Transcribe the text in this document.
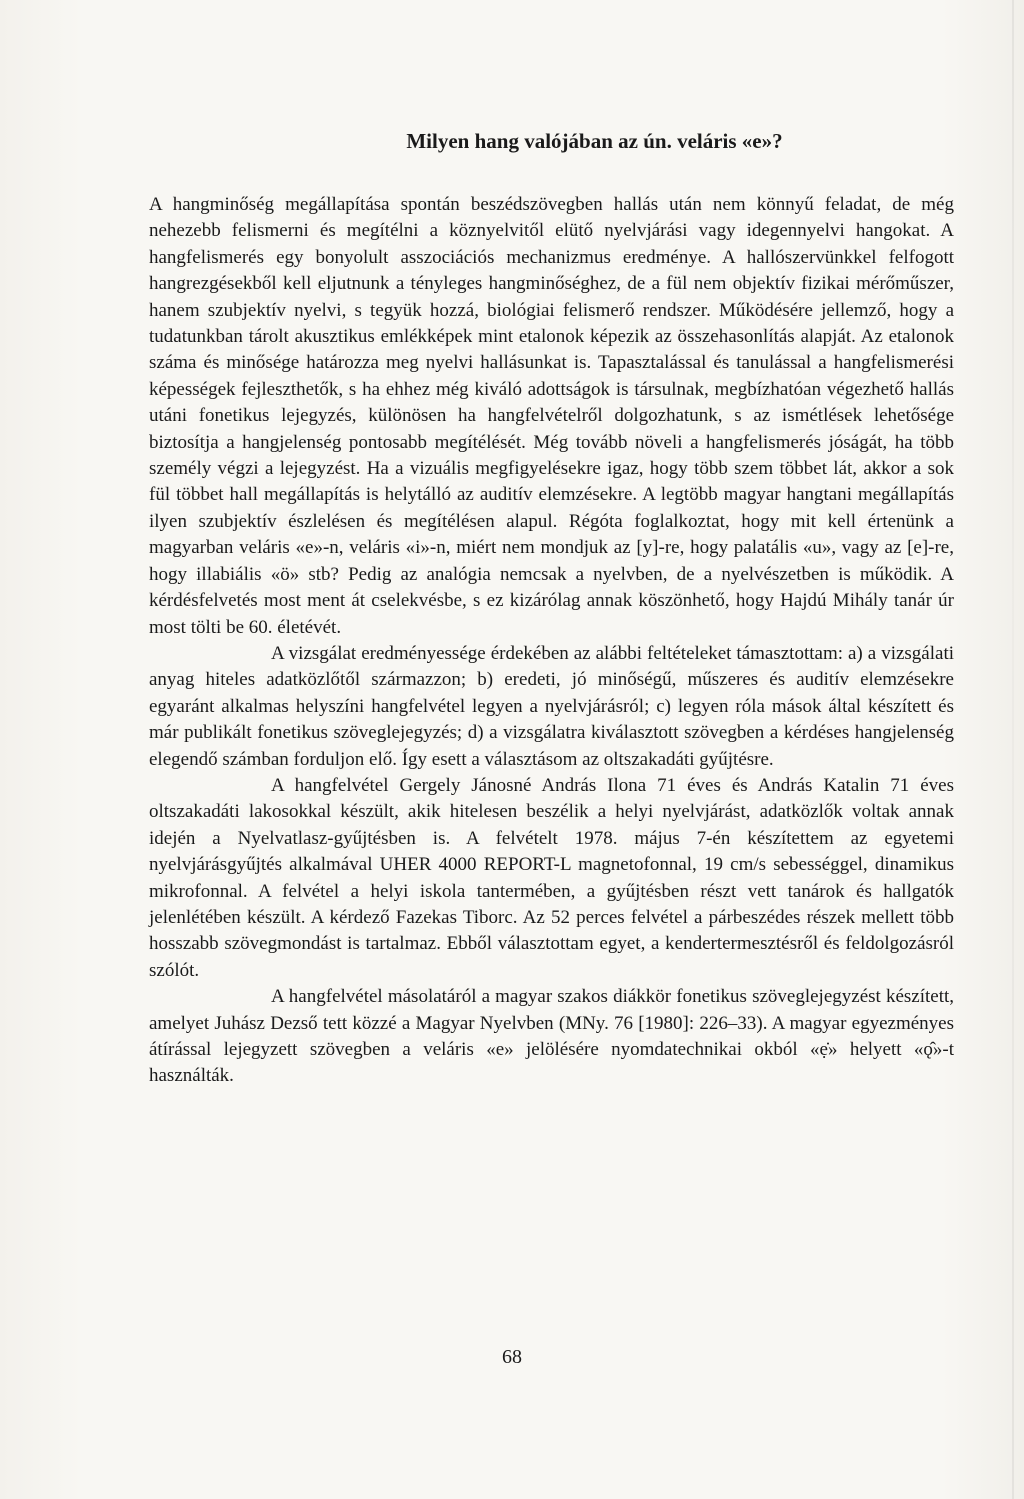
Milyen hang valójában az ún. veláris «e»?

A hangminőség megállapítása spontán beszédszövegben hallás után nem könnyű feladat, de még nehezebb felismerni és megítélni a köznyelvitől elütő nyelvjárási vagy idegennyelvi hangokat. A hangfelismerés egy bonyolult asszociációs mechanizmus eredménye. A hallószervünkkel felfogott hangrezgésekből kell eljutnunk a tényleges hangminőséghez, de a fül nem objektív fizikai mérőműszer, hanem szubjektív nyelvi, s tegyük hozzá, biológiai felismerő rendszer. Működésére jellemző, hogy a tudatunkban tárolt akusztikus emlékképek mint etalonok képezik az összehasonlítás alapját. Az etalonok száma és minősége határozza meg nyelvi hallásunkat is. Tapasztalással és tanulással a hangfelismerési képességek fejleszthetők, s ha ehhez még kiváló adottságok is társulnak, megbízhatóan végezhető hallás utáni fonetikus lejegyzés, különösen ha hangfelvételről dolgozhatunk, s az ismétlések lehetősége biztosítja a hangjelenség pontosabb megítélését. Még tovább növeli a hangfelismerés jóságát, ha több személy végzi a lejegyzést. Ha a vizuális megfigyelésekre igaz, hogy több szem többet lát, akkor a sok fül többet hall megállapítás is helytálló az auditív elemzésekre. A legtöbb magyar hangtani megállapítás ilyen szubjektív észlelésen és megítélésen alapul. Régóta foglalkoztat, hogy mit kell értenünk a magyarban veláris «e»-n, veláris «i»-n, miért nem mondjuk az [y]-re, hogy palatális «u», vagy az [e]-re, hogy illabiális «ö» stb? Pedig az analógia nemcsak a nyelvben, de a nyelvészetben is működik. A kérdésfelvetés most ment át cselekvésbe, s ez kizárólag annak köszönhető, hogy Hajdú Mihály tanár úr most tölti be 60. életévét.

A vizsgálat eredményessége érdekében az alábbi feltételeket támasztottam: a) a vizsgálati anyag hiteles adatközlőtől származzon; b) eredeti, jó minőségű, műszeres és auditív elemzésekre egyaránt alkalmas helyszíni hangfelvétel legyen a nyelvjárásról; c) legyen róla mások által készített és már publikált fonetikus szöveglejegyzés; d) a vizsgálatra kiválasztott szövegben a kérdéses hangjelenség elegendő számban forduljon elő. Így esett a választásom az oltszakadáti gyűjtésre.

A hangfelvétel Gergely Jánosné András Ilona 71 éves és András Katalin 71 éves oltszakadáti lakosokkal készült, akik hitelesen beszélik a helyi nyelvjárást, adatközlők voltak annak idején a Nyelvatlasz-gyűjtésben is. A felvételt 1978. május 7-én készítettem az egyetemi nyelvjárásgyűjtés alkalmával UHER 4000 REPORT-L magnetofonnal, 19 cm/s sebességgel, dinamikus mikrofonnal. A felvétel a helyi iskola tantermében, a gyűjtésben részt vett tanárok és hallgatók jelenlétében készült. A kérdező Fazekas Tiborc. Az 52 perces felvétel a párbeszédes részek mellett több hosszabb szövegmondást is tartalmaz. Ebből választottam egyet, a kendertermesztésről és feldolgozásról szólót.

A hangfelvétel másolatáról a magyar szakos diákkör fonetikus szöveglejegyzést készített, amelyet Juhász Dezső tett közzé a Magyar Nyelvben (MNy. 76 [1980]: 226–33). A magyar egyezményes átírással lejegyzett szövegben a veláris «e» jelölésére nyomdatechnikai okból «ẹ̇» helyett «ǫ̂»-t használták.

68
